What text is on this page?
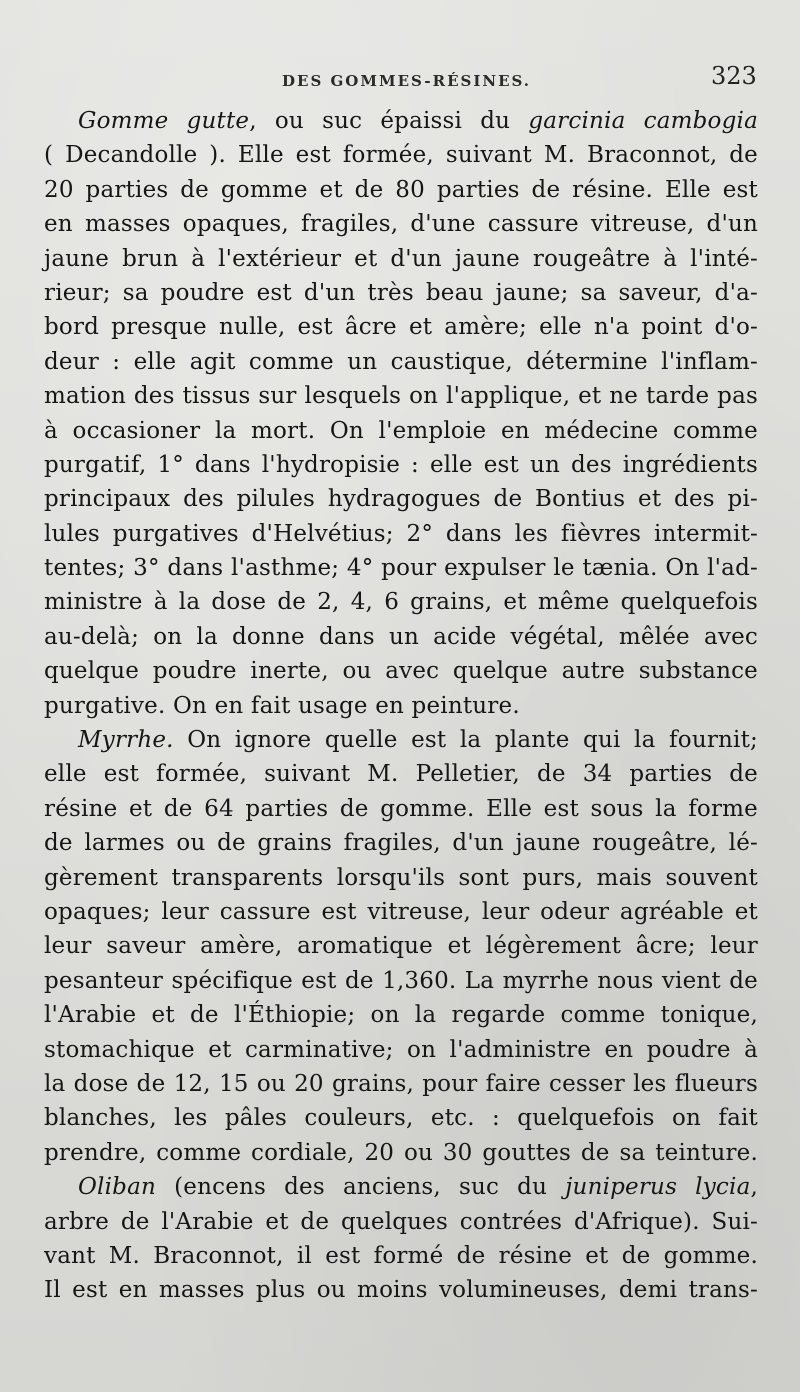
DES GOMMES-RÉSINES.	323
Gomme gutte, ou suc épaissi du garcinia cambogia
( Decandolle ). Elle est formée, suivant M. Braconnot, de
20 parties de gomme et de 80 parties de résine. Elle est
en masses opaques, fragiles, d'une cassure vitreuse, d'un
jaune brun à l'extérieur et d'un jaune rougeâtre à l'inté-
rieur; sa poudre est d'un très beau jaune; sa saveur, d'a-
bord presque nulle, est âcre et amère; elle n'a point d'o-
deur : elle agit comme un caustique, détermine l'inflam-
mation des tissus sur lesquels on l'applique, et ne tarde pas
à occasioner la mort. On l'emploie en médecine comme
purgatif, 1° dans l'hydropisie : elle est un des ingrédients
principaux des pilules hydragogues de Bontius et des pi-
lules purgatives d'Helvétius; 2° dans les fièvres intermit-
tentes; 3° dans l'asthme; 4° pour expulser le tænia. On l'ad-
ministre à la dose de 2, 4, 6 grains, et même quelquefois
au-delà; on la donne dans un acide végétal, mêlée avec
quelque poudre inerte, ou avec quelque autre substance
purgative. On en fait usage en peinture.
Myrrhe. On ignore quelle est la plante qui la fournit;
elle est formée, suivant M. Pelletier, de 34 parties de
résine et de 64 parties de gomme. Elle est sous la forme
de larmes ou de grains fragiles, d'un jaune rougeâtre, lé-
gèrement transparents lorsqu'ils sont purs, mais souvent
opaques; leur cassure est vitreuse, leur odeur agréable et
leur saveur amère, aromatique et légèrement âcre; leur
pesanteur spécifique est de 1,360. La myrrhe nous vient de
l'Arabie et de l'Éthiopie; on la regarde comme tonique,
stomachique et carminative; on l'administre en poudre à
la dose de 12, 15 ou 20 grains, pour faire cesser les flueurs
blanches, les pâles couleurs, etc. : quelquefois on fait
prendre, comme cordiale, 20 ou 30 gouttes de sa teinture.
Oliban (encens des anciens, suc du juniperus lycia,
arbre de l'Arabie et de quelques contrées d'Afrique). Sui-
vant M. Braconnot, il est formé de résine et de gomme.
Il est en masses plus ou moins volumineuses, demi trans-
